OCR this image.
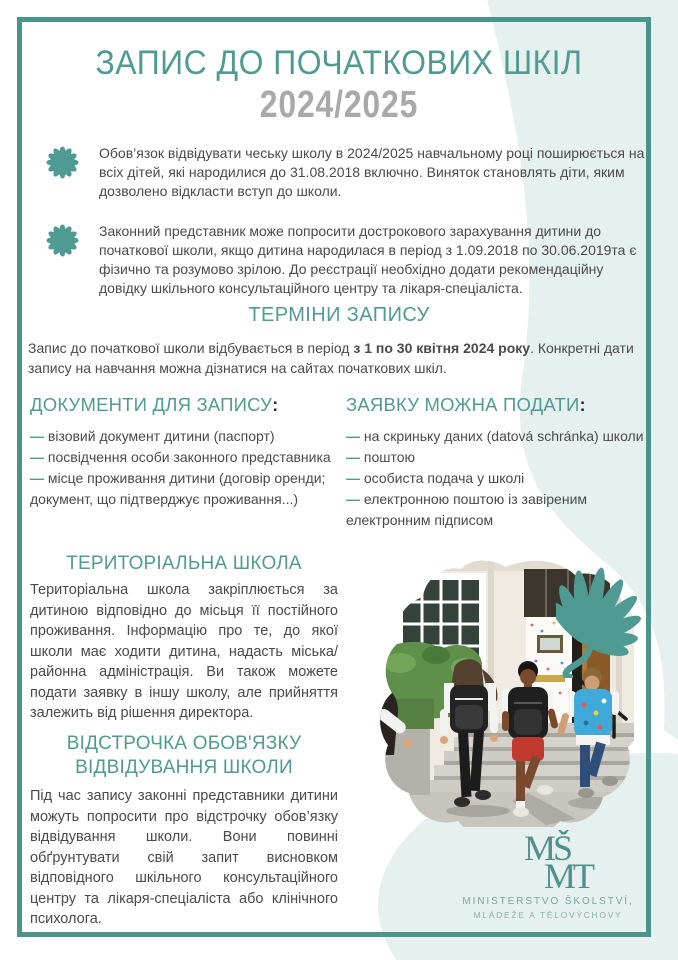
ЗАПИС ДО ПОЧАТКОВИХ ШКІЛ
2024/2025
Обов’язок відвідувати чеську школу в 2024/2025 навчальному році поширюється на всіх дітей, які народилися до 31.08.2018 включно. Виняток становлять діти, яким дозволено відкласти вступ до школи.
Законний представник може попросити дострокового зарахування дитини до початкової школи, якщо дитина народилася в період з 1.09.2018 по 30.06.2019та є фізично та розумово зрілою. До реєстрації необхідно додати рекомендаційну довідку шкільного консультаційного центру та лікаря-спеціаліста.
ТЕРМІНИ ЗАПИСУ
Запис до початкової школи відбувається в період з 1 по 30 квітня 2024 року. Конкретні дати запису на навчання можна дізнатися на сайтах початкових шкіл.
ДОКУМЕНТИ ДЛЯ ЗАПИСУ:
— візовий документ дитини (паспорт)
— посвідчення особи законного представника
— місце проживання дитини (договір оренди; документ, що підтверджує проживання...)
ЗАЯВКУ МОЖНА ПОДАТИ:
— на скриньку даних (datová schránka) школи
— поштою
— особиста подача у школі
— електронною поштою із завіреним електронним підписом
ТЕРИТОРІАЛЬНА ШКОЛА
Територіальна школа закріплюється за дитиною відповідно до місьця її постійного проживання. Інформацію про те, до якої школи має ходити дитина, надасть міська/районна адміністрація. Ви також можете подати заявку в іншу школу, але прийняття залежить від рішення директора.
ВІДСТРОЧКА ОБОВ'ЯЗКУ
ВІДВІДУВАННЯ ШКОЛИ
Під час запису законні представники дитини можуть попросити про відстрочку обов’язку відвідування школи. Вони повинні обґрунтувати свій запит висновком відповідного шкільного консультаційного центру та лікаря-спеціаліста або клінічного психолога.
MŠ
MT
MINISTERSTVO ŠKOLSTVÍ,
MLÁDEŽE A TĚLOVÝCHOVY
